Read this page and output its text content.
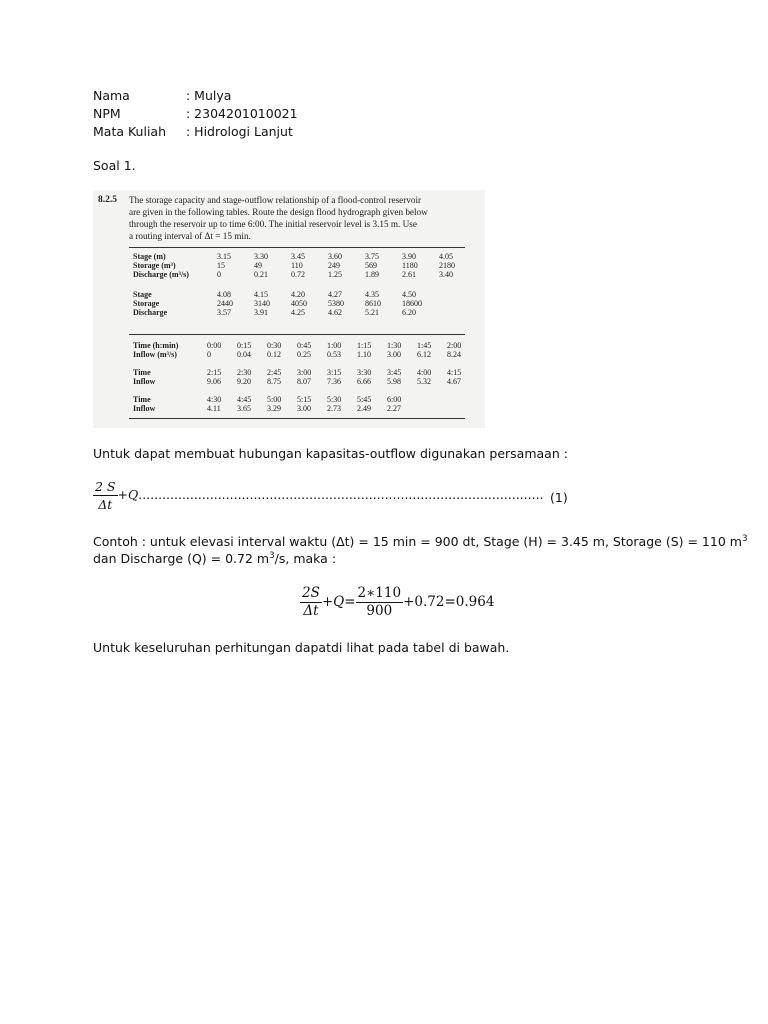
Nama	: Mulya
NPM	: 2304201010021
Mata Kuliah : Hidrologi Lanjut
Soal 1.
8.2.5 The storage capacity and stage-outflow relationship of a flood-control reservoir
are given in the following tables. Route the design flood hydrograph given below
through the reservoir up to time 6:00. The initial reservoir level is 3.15 m. Use
a routing interval of Δt = 15 min.
Stage (m)	3.15	3.30	3.45	3.60	3.75	3.90	4.05
Storage (m³)	15	49	110	249	569	1180	2180
Discharge (m³/s)	0	0.21	0.72	1.25	1.89	2.61	3.40
Stage	4.08	4.15	4.20	4.27	4.35	4.50
Storage	2440	3140	4050	5380	8610	18600
Discharge	3.57	3.91	4.25	4.62	5.21	6.20
Time (h:min)	0:00	0:15	0:30	0:45	1:00	1:15	1:30	1:45	2:00
Inflow (m³/s)	0	0.04	0.12	0.25	0.53	1.10	3.00	6.12	8.24
Time	2:15	2:30	2:45	3:00	3:15	3:30	3:45	4:00	4:15
Inflow	9.06	9.20	8.75	8.07	7.36	6.66	5.98	5.32	4.67
Time	4:30	4:45	5:00	5:15	5:30	5:45	6:00
Inflow	4.11	3.65	3.29	3.00	2.73	2.49	2.27
Untuk dapat membuat hubungan kapasitas-outflow digunakan persamaan :
$\frac{2 S}{\Delta t} +Q$...................................................................................................... (1)
Contoh : untuk elevasi interval waktu (Δt) = 15 min = 900 dt, Stage (H) = 3.45 m, Storage (S) = 110 $m^3$
dan Discharge (Q) = 0.72 $m^3/s$, maka :
$\frac{2S}{\Delta t} +Q= \frac{2∗110}{900} +0.72=0.964$
Untuk keseluruhan perhitungan dapatdi lihat pada tabel di bawah.
